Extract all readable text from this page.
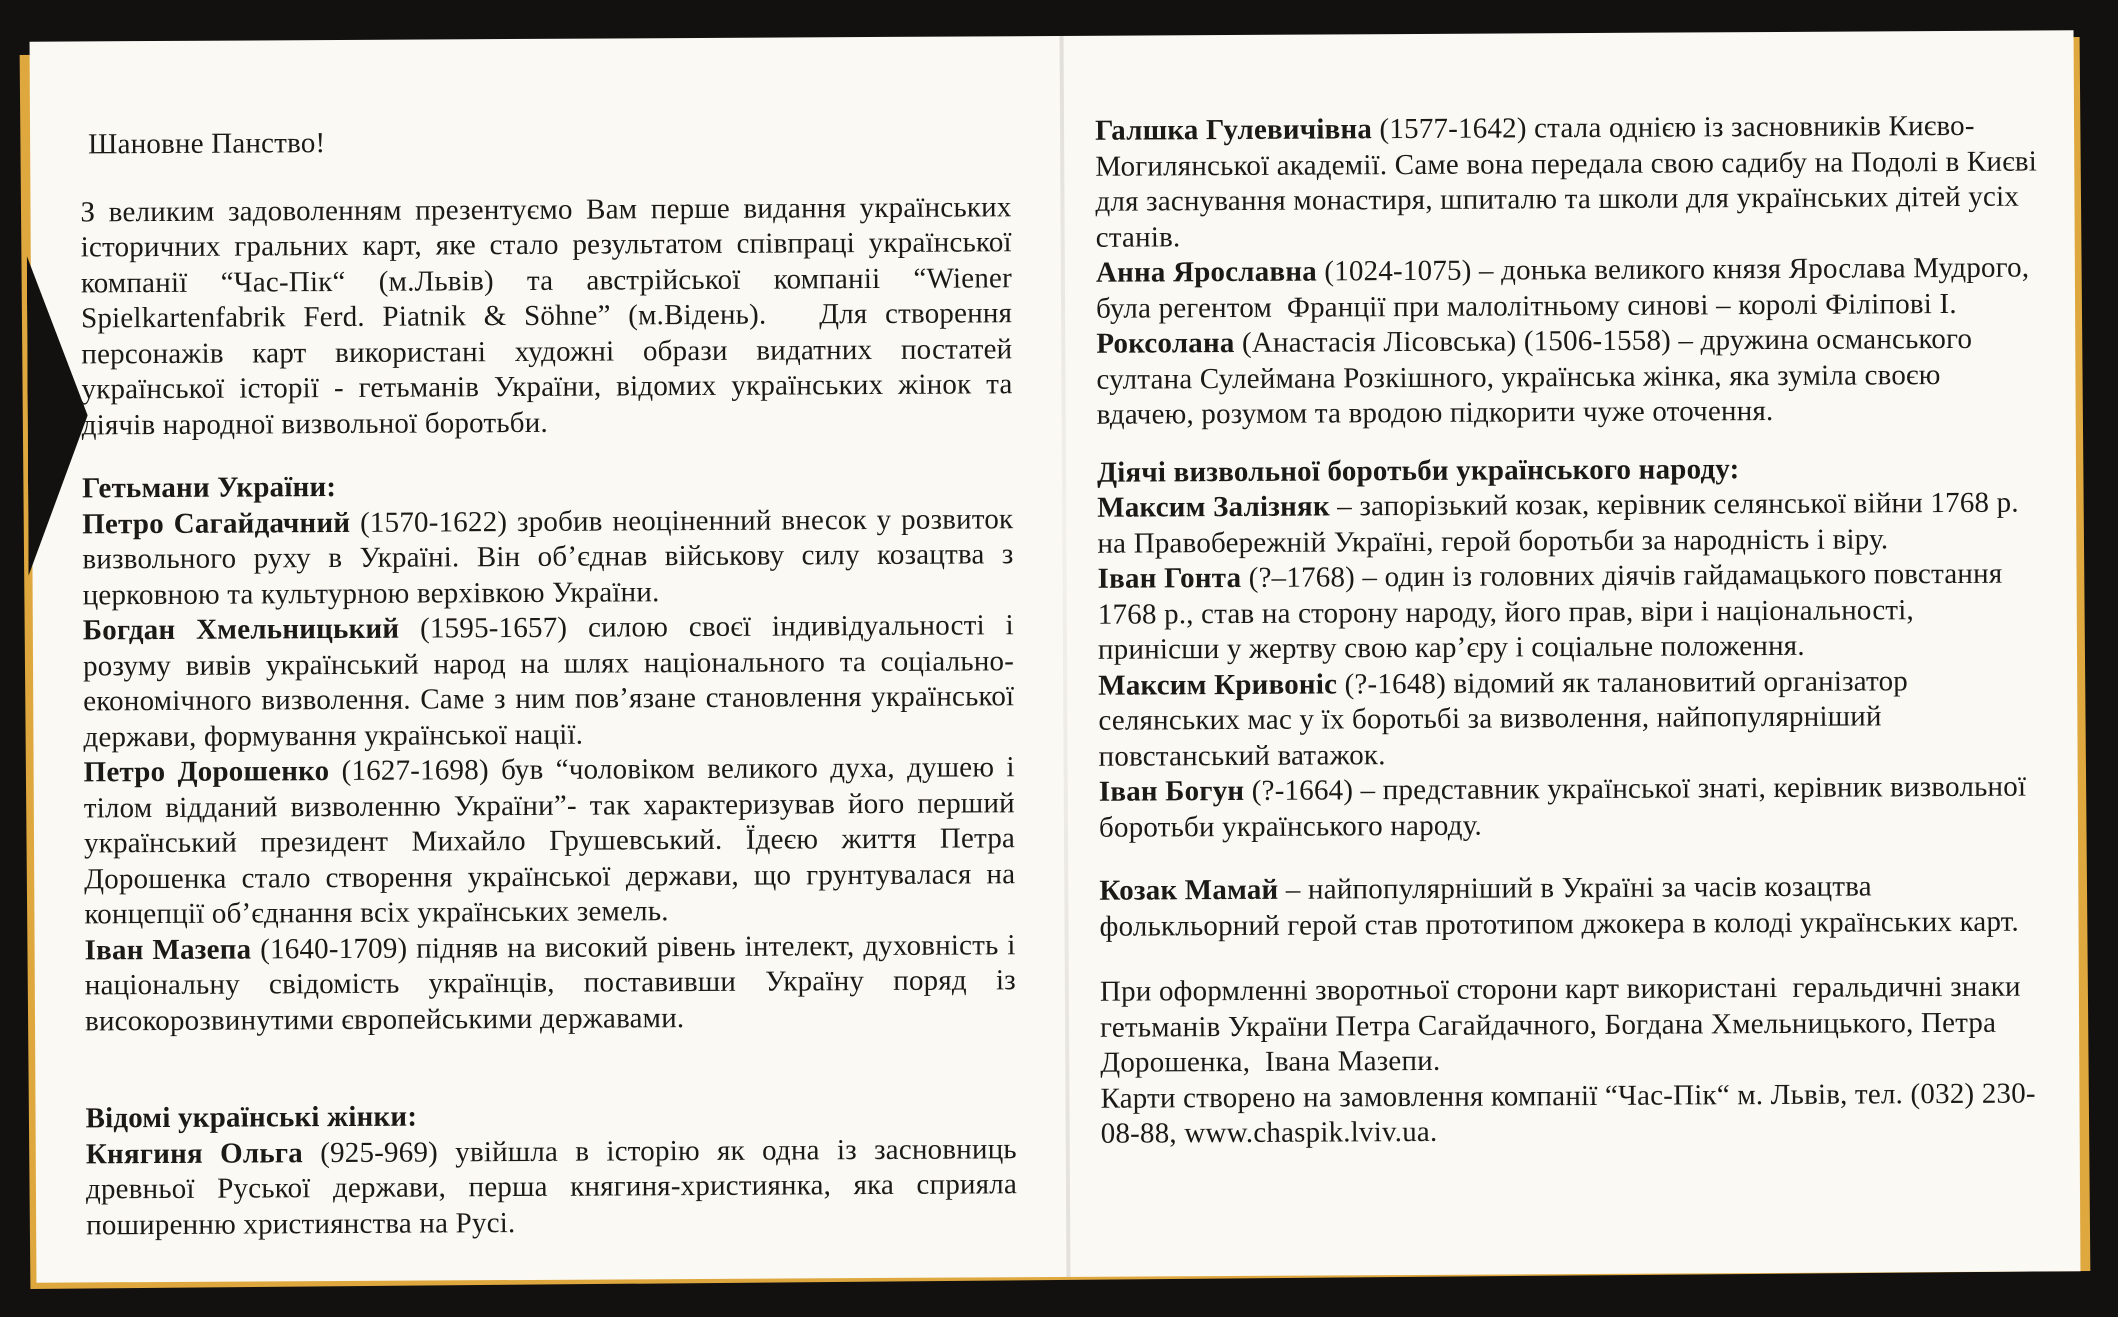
Шановне Панство!

З великим задоволенням презентуємо Вам перше видання українських історичних гральних карт, яке стало результатом співпраці української компанії “Час-Пік“ (м.Львів) та австрійської компаніі “Wiener Spielkartenfabrik Ferd. Piatnik & Söhne” (м.Відень).   Для створення персонажів карт використані художні образи видатних постатей української історії - гетьманів України, відомих українських жінок та діячів народної визвольної боротьби.

Гетьмани України:

Петро Сагайдачний (1570-1622) зробив неоціненний внесок у розвиток визвольного руху в Україні. Він об’єднав військову силу козацтва з церковною та культурною верхівкою України.

Богдан Хмельницький (1595-1657) силою своєї індивідуальності і розуму вивів український народ на шлях національного та соціально-економічного визволення. Саме з ним пов’язане становлення української держави, формування української нації.

Петро Дорошенко (1627-1698) був “чоловіком великого духа, душею і тілом відданий визволенню України”- так характеризував його перший український президент Михайло Грушевський. Їдеєю життя Петра Дорошенка стало створення української держави, що грунтувалася на концепції об’єднання всіх українських земель.

Іван Мазепа (1640-1709) підняв на високий рівень інтелект, духовність і національну свідомість українців, поставивши Україну поряд із високорозвинутими європейськими державами.

Відомі українські жінки:

Княгиня Ольга (925-969) увійшла в історію як одна із засновниць древньої Руської держави, перша княгиня-християнка, яка сприяла поширенню християнства на Русі.

Галшка Гулевичівна (1577-1642) стала однією із засновників Києво-Могилянської академії. Саме вона передала свою садибу на Подолі в Києві для заснування монастиря, шпиталю та школи для українських дітей усіх станів.

Анна Ярославна (1024-1075) – донька великого князя Ярослава Мудрого, була регентом  Франції при малолітньому синові – королі Філіпові І.

Роксолана (Анастасія Лісовська) (1506-1558) – дружина османського султана Сулеймана Розкішного, українська жінка, яка зуміла своєю вдачею, розумом та вродою підкорити чуже оточення.

Діячі визвольної боротьби українського народу:

Максим Залізняк – запорізький козак, керівник селянської війни 1768 р. на Правобережній Україні, герой боротьби за народність і віру.

Іван Гонта (?–1768) – один із головних діячів гайдамацького повстання 1768 р., став на сторону народу, його прав, віри і національності, принісши у жертву свою кар’єру і соціальне положення.

Максим Кривоніс (?-1648) відомий як талановитий організатор селянських мас у їх боротьбі за визволення, найпопулярніший повстанський ватажок.

Іван Богун (?-1664) – представник української знаті, керівник визвольної боротьби українського народу.

Козак Мамай – найпопулярніший в Україні за часів козацтва фолькльорний герой став прототипом джокера в колоді українських карт.

При оформленні зворотньої сторони карт використані  геральдичні знаки гетьманів України Петра Сагайдачного, Богдана Хмельницького, Петра Дорошенка,  Івана Мазепи.

Карти створено на замовлення компанії “Час-Пік“ м. Львів, тел. (032) 230-08-88, www.chaspik.lviv.ua.
